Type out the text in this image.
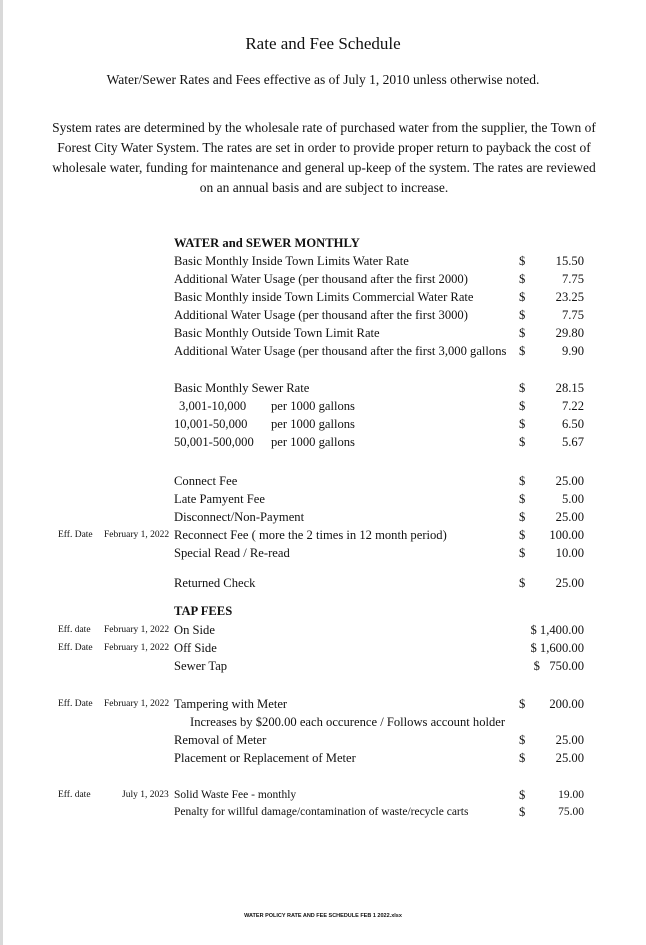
Rate and Fee Schedule
Water/Sewer Rates and Fees effective as of July 1, 2010 unless otherwise noted.
System rates are determined by the wholesale rate of purchased water from the supplier, the Town of Forest City Water System. The rates are set in order to provide proper return to payback the cost of wholesale water, funding for maintenance and general up-keep of the system. The rates are reviewed on an annual basis and are subject to increase.
WATER and SEWER MONTHLY
Basic Monthly Inside Town Limits Water Rate	$ 15.50
Additional Water Usage (per thousand after the first 2000)	$	7.75
Basic Monthly inside Town Limits Commercial Water Rate	$ 23.25
Additional Water Usage (per thousand after the first 3000)	$	7.75
Basic Monthly Outside Town Limit Rate	$ 29.80
Additional Water Usage (per thousand after the first 3,000 gallons $	9.90
Basic Monthly Sewer Rate	$ 28.15
3,001-10,000 per 1000 gallons	$	7.22
10,001-50,000 per 1000 gallons	$	6.50
50,001-500,000 per 1000 gallons	$	5.67
Connect Fee	$ 25.00
Late Pamyent Fee	$	5.00
Disconnect/Non-Payment	$ 25.00
Eff. Date February 1, 2022 Reconnect Fee ( more the 2 times in 12 month period)	$ 100.00
Special Read / Re-read	$ 10.00
Returned Check	$ 25.00
TAP FEES
Eff. date February 1, 2022 On Side	$ 1,400.00
Eff. Date February 1, 2022 Off Side	$ 1,600.00
Sewer Tap	$   750.00
Eff. Date February 1, 2022 Tampering with Meter	$ 200.00
Increases by $200.00 each occurence / Follows account holder
Removal of Meter	$ 25.00
Placement or Replacement of Meter	$ 25.00
Eff. date	July 1, 2023 Solid Waste Fee - monthly	$	19.00
Penalty for willful damage/contamination of waste/recycle carts	$	75.00
WATER POLICY RATE AND FEE SCHEDULE FEB 1 2022.xlsx
